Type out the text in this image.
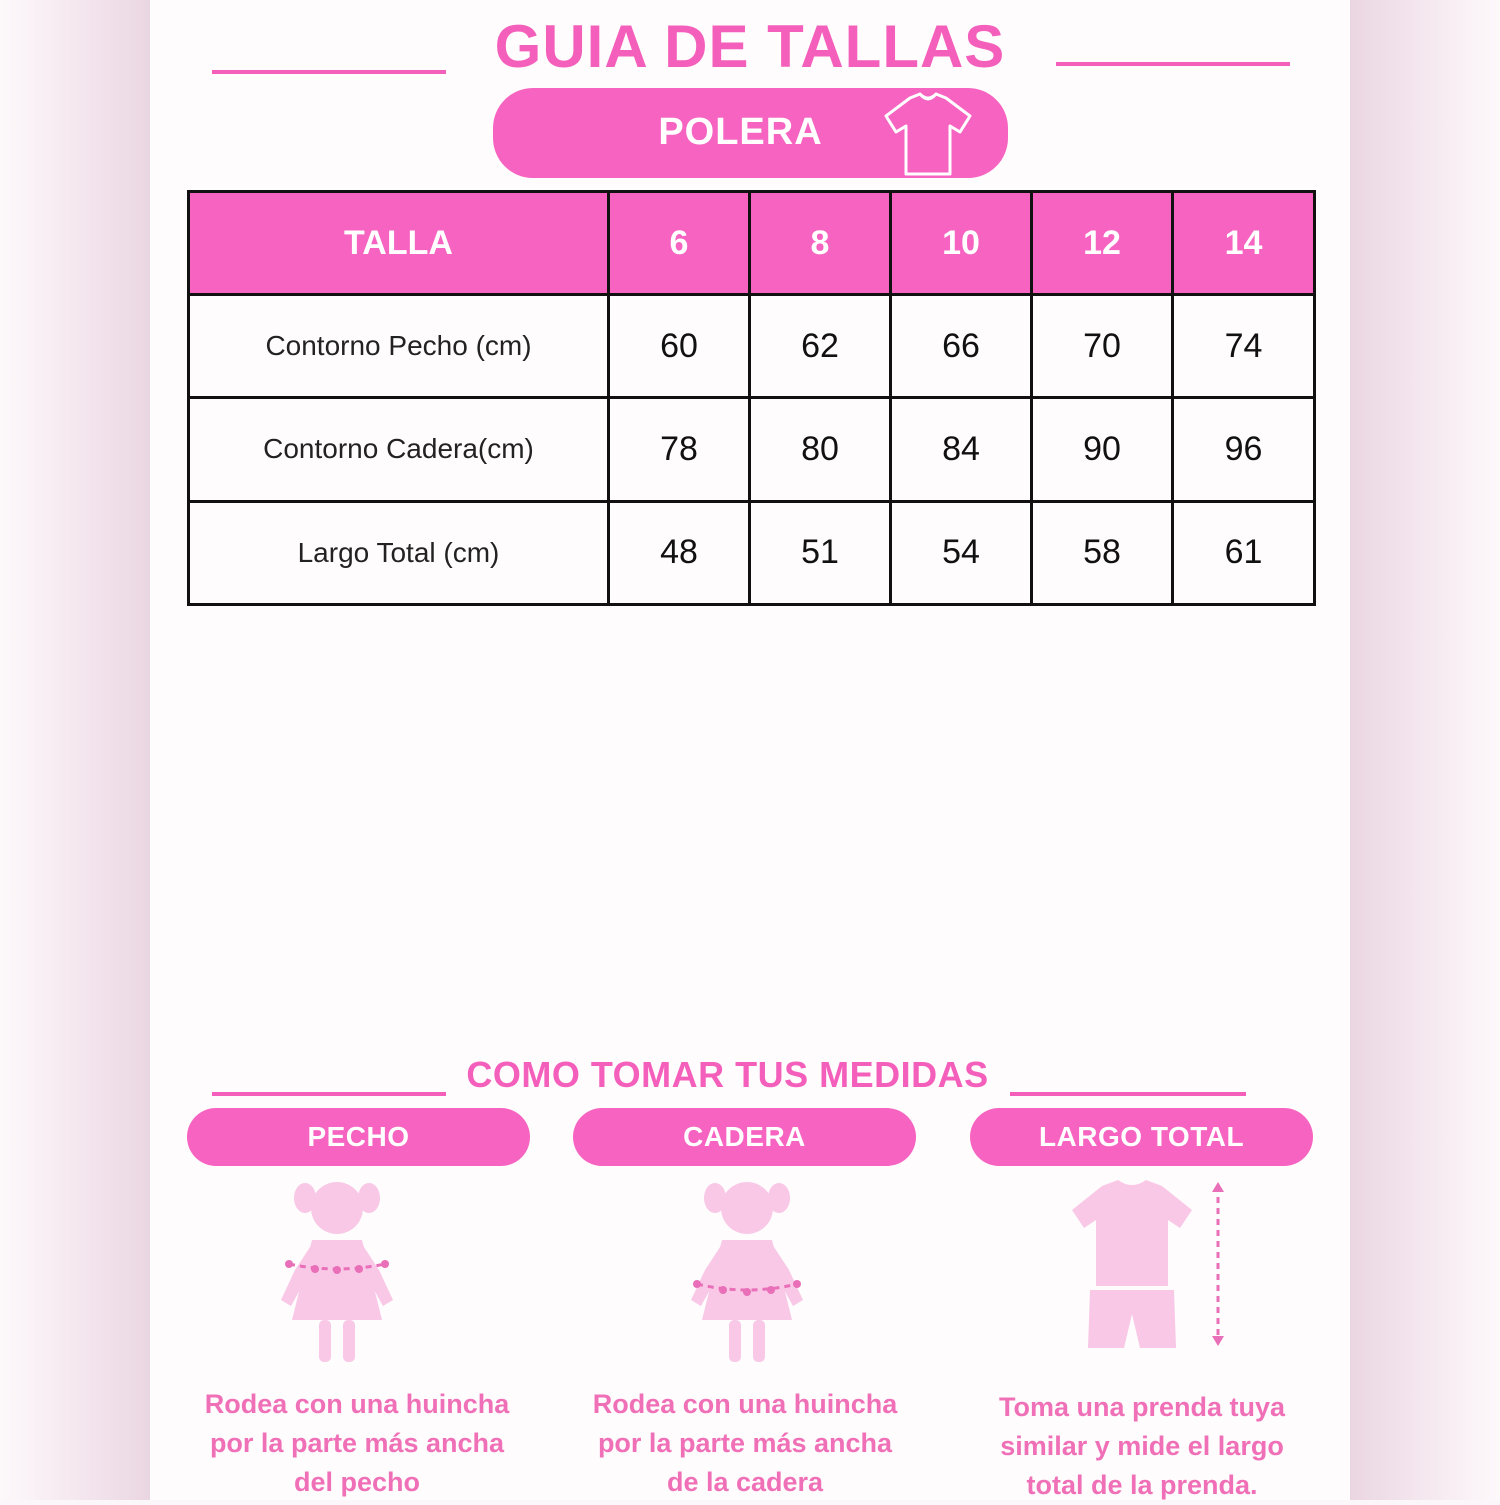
GUIA DE TALLAS
POLERA
TALLA	6	8	10	12	14
Contorno Pecho (cm)	60	62	66	70	74
Contorno Cadera(cm)	78	80	84	90	96
Largo Total (cm)	48	51	54	58	61
COMO TOMAR TUS MEDIDAS
PECHO	CADERA	LARGO TOTAL
Rodea con una huincha
por la parte más ancha
del pecho
Rodea con una huincha
por la parte más ancha
de la cadera
Toma una prenda tuya
similar y mide el largo
total de la prenda.
